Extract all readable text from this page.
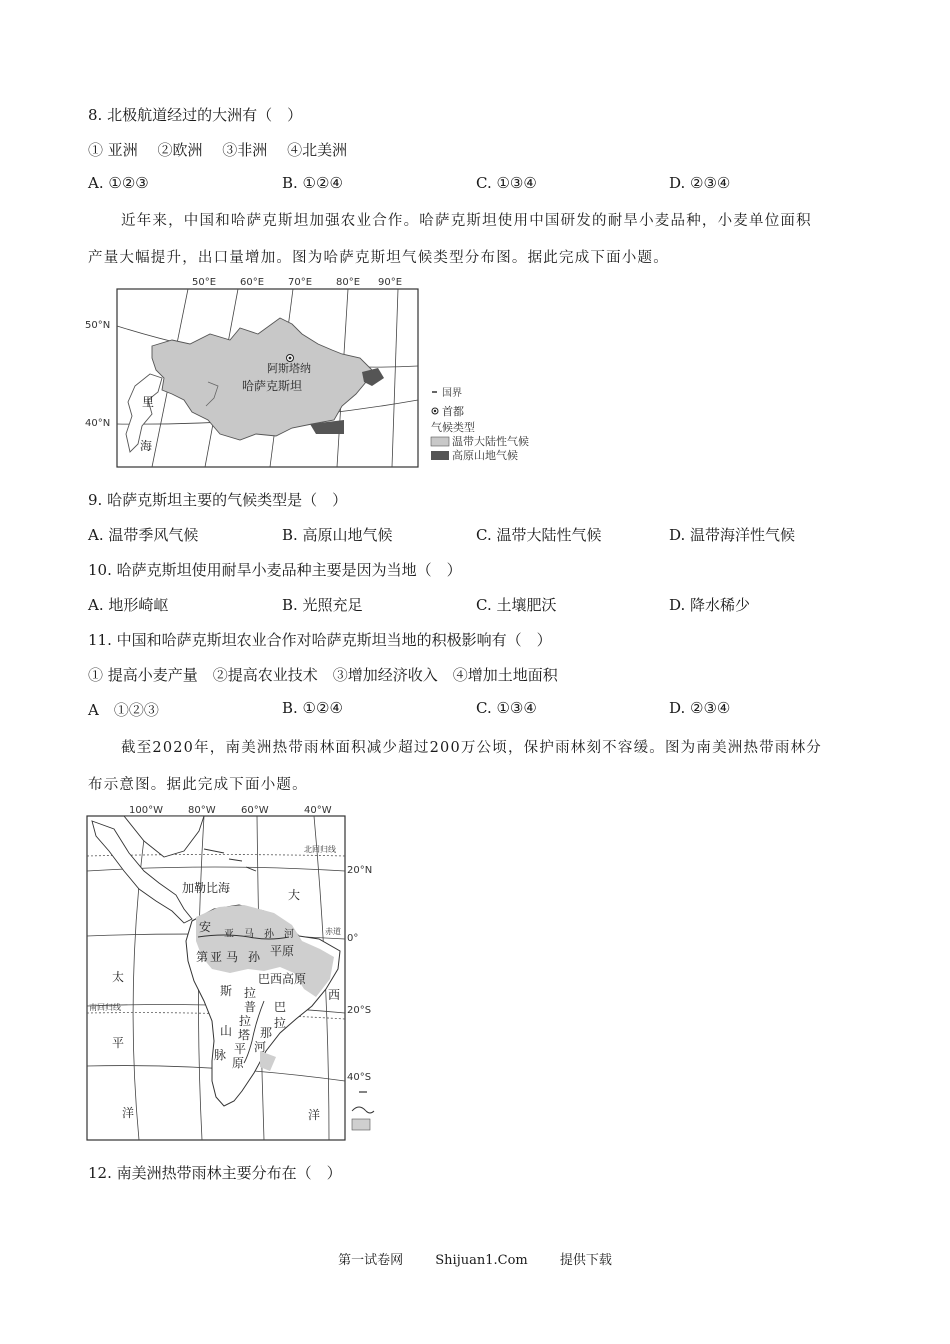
8. 北极航道经过的大洲有（　）
① 亚洲　 ②欧洲　 ③非洲　 ④北美洲
A. ①②③	B. ①②④	C. ①③④	D. ②③④
近年来，中国和哈萨克斯坦加强农业合作。哈萨克斯坦使用中国研发的耐旱小麦品种，小麦单位面积
产量大幅提升，出口量增加。图为哈萨克斯坦气候类型分布图。据此完成下面小题。
50°E 60°E 70°E 80°E 90°E
50°N
40°N
阿斯塔纳
哈萨克斯坦
里
海
国界
首都
气候类型
温带大陆性气候
高原山地气候
9. 哈萨克斯坦主要的气候类型是（　）
A. 温带季风气候	B. 高原山地气候	C. 温带大陆性气候	D. 温带海洋性气候
10. 哈萨克斯坦使用耐旱小麦品种主要是因为当地（　）
A. 地形崎岖	B. 光照充足	C. 土壤肥沃	D. 降水稀少
11. 中国和哈萨克斯坦农业合作对哈萨克斯坦当地的积极影响有（　）
① 提高小麦产量　②提高农业技术　③增加经济收入　④增加土地面积
A　①②③	B. ①②④	C. ①③④	D. ②③④
截至2020年，南美洲热带雨林面积减少超过200万公顷，保护雨林刻不容缓。图为南美洲热带雨林分
布示意图。据此完成下面小题。
100°W	80°W	60°W	40°W
20°N
0°
20°S
40°S
北回归线
赤道
南回归线
加勒比海	大
西
洋
太
平
洋
亚　马　孙　河
亚 马 孙 平原
巴西高原
安
第
斯
山
脉
拉
普
拉
塔
平
原
巴
拉
那
河
12. 南美洲热带雨林主要分布在（　）
第一试卷网 Shijuan1.Com 提供下载
